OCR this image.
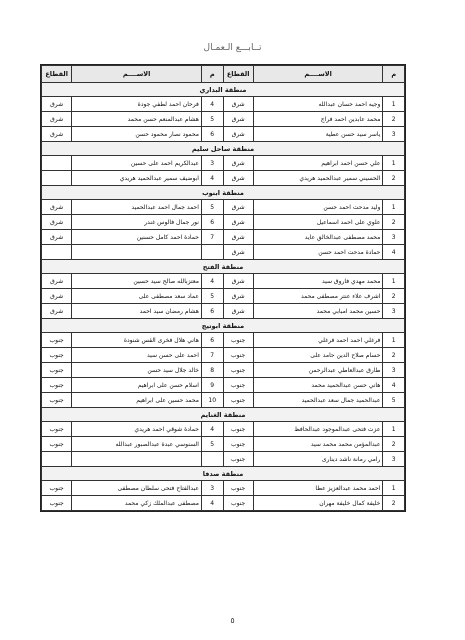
تــابـــع الـعمـال
م	الاســــم	القطاع	م	الاســــم	القطاع
منطقة البداري					
1	وجيه احمد حسان عبدالله	شرق	4	فرحان احمد لطفي جودة	شرق
2	محمد عابدين احمد فراج	شرق	5	هشام عبدالمنعم حسن محمد	شرق
3	ياسر سيد حسن عطية	شرق	6	محمود نصار محمود حسن	شرق
منطقة ساحل سليم					
1	علي حسن احمد ابراهيم	شرق	3	عبدالكريم احمد على حسين	
2	الحسيني سمير عبدالحميد هريدي	شرق	4	ابوضيف سمير عبدالحميد هريدي	
منطقة ابنوب					
1	وليد مدحت احمد حسن	شرق	5	احمد جمال احمد عبدالحميد	شرق
2	علوي على احمد اسماعيل	شرق	6	نور جمال فالوس غندر	شرق
3	محمد مصطفى عبدالخالق عايد	شرق	7	حمادة احمد كامل حسنين	شرق
4	حمادة مدحت احمد حسن	شرق			
منطقة الفتح					
1	محمد مهدي فاروق سيد	شرق	4	معتزبالله صالح سيد حسين	شرق
2	اشرف علاء عنتر مصطفى محمد	شرق	5	عماد سعد مصطفى على	شرق
3	حسين محمد امبابي محمد	شرق	6	هشام رمضان سيد احمد	شرق
منطقة ابوتيج					
1	فرغلي احمد احمد فرغلي	جنوب	6	هاني هلال فخرى القس شنودة	جنوب
2	حسام صلاح الدين حامد على	جنوب	7	احمد على حسن سيد	جنوب
3	طارق عبدالعاطي عبدالرحمن	جنوب	8	خالد جلال سيد حسن	جنوب
4	هاني حسن عبدالحميد محمد	جنوب	9	اسلام حسن على ابراهيم	جنوب
5	عبدالحميد جمال سعد عبدالحميد	جنوب	10	محمد حسين على ابراهيم	جنوب
منطقة الغنايم					
1	عزت فتحى عبدالموجود عبدالحافظ	جنوب	4	حمادة شوقي احمد هريدي	جنوب
2	عبدالمؤمن محمد محمد سيد	جنوب	5	السنوسي عبدة عبدالصبور عبدالله	جنوب
3	رامي رمانة ناشد دينارى	جنوب			
منطقة صدفا					
1	احمد محمد عبدالعزيز عطا	جنوب	3	عبدالفتاح فتحى سلطان مصطفى	جنوب
2	خليفة كمال خليفة مهران	جنوب	4	مصطفى عبدالملك زكي محمد	جنوب
٥
